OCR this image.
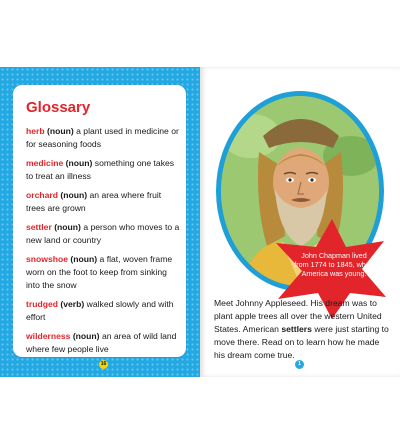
Glossary
herb (noun) a plant used in medicine or for seasoning foods
medicine (noun) something one takes to treat an illness
orchard (noun) an area where fruit trees are grown
settler (noun) a person who moves to a new land or country
snowshoe (noun) a flat, woven frame worn on the foot to keep from sinking into the snow
trudged (verb) walked slowly and with effort
wilderness (noun) an area of wild land where few people live
16
John Chapman lived from 1774 to 1845, when America was young.
Meet Johnny Appleseed. His dream was to plant apple trees all over the western United States. American settlers were just starting to move there. Read on to learn how he made his dream come true.
1
